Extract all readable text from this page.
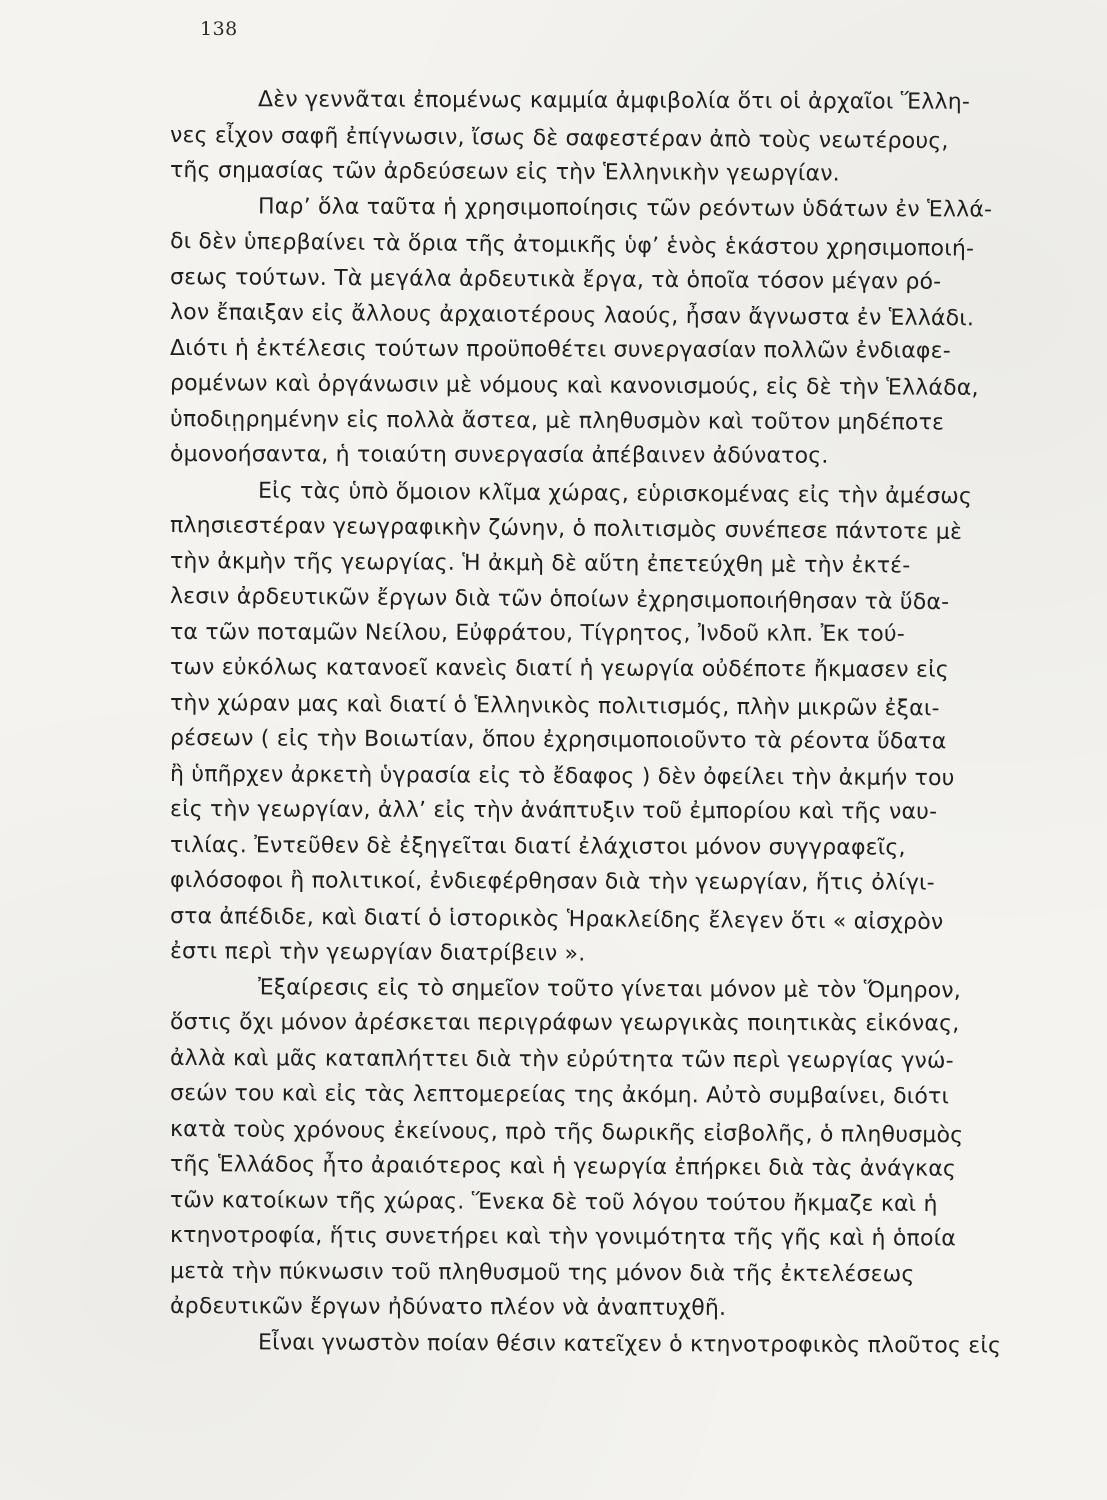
138
Δὲν γεννᾶται ἐπομένως καμμία ἀμφιβολία ὅτι οἱ ἀρχαῖοι Ἕλλη-
νες εἶχον σαφῆ ἐπίγνωσιν, ἴσως δὲ σαφεστέραν ἀπὸ τοὺς νεωτέρους,
τῆς σημασίας τῶν ἀρδεύσεων εἰς τὴν Ἑλληνικὴν γεωργίαν.
Παρ’ ὅλα ταῦτα ἡ χρησιμοποίησις τῶν ρεόντων ὑδάτων ἐν Ἑλλά-
δι δὲν ὑπερβαίνει τὰ ὅρια τῆς ἀτομικῆς ὑφ’ ἑνὸς ἑκάστου χρησιμοποιή-
σεως τούτων. Τὰ μεγάλα ἀρδευτικὰ ἔργα, τὰ ὁποῖα τόσον μέγαν ρό-
λον ἔπαιξαν εἰς ἄλλους ἀρχαιοτέρους λαούς, ἦσαν ἄγνωστα ἐν Ἑλλάδι.
Διότι ἡ ἐκτέλεσις τούτων προϋποθέτει συνεργασίαν πολλῶν ἐνδιαφε-
ρομένων καὶ ὀργάνωσιν μὲ νόμους καὶ κανονισμούς, εἰς δὲ τὴν Ἑλλάδα,
ὑποδιῃρημένην εἰς πολλὰ ἄστεα, μὲ πληθυσμὸν καὶ τοῦτον μηδέποτε
ὁμονοήσαντα, ἡ τοιαύτη συνεργασία ἀπέβαινεν ἀδύνατος.
Εἰς τὰς ὑπὸ ὅμοιον κλῖμα χώρας, εὑρισκομένας εἰς τὴν ἀμέσως
πλησιεστέραν γεωγραφικὴν ζώνην, ὁ πολιτισμὸς συνέπεσε πάντοτε μὲ
τὴν ἀκμὴν τῆς γεωργίας. Ἡ ἀκμὴ δὲ αὕτη ἐπετεύχθη μὲ τὴν ἐκτέ-
λεσιν ἀρδευτικῶν ἔργων διὰ τῶν ὁποίων ἐχρησιμοποιήθησαν τὰ ὕδα-
τα τῶν ποταμῶν Νείλου, Εὐφράτου, Τίγρητος, Ἰνδοῦ κλπ. Ἐκ τού-
των εὐκόλως κατανοεῖ κανεὶς διατί ἡ γεωργία οὐδέποτε ἤκμασεν εἰς
τὴν χώραν μας καὶ διατί ὁ Ἑλληνικὸς πολιτισμός, πλὴν μικρῶν ἐξαι-
ρέσεων ( εἰς τὴν Βοιωτίαν, ὅπου ἐχρησιμοποιοῦντο τὰ ρέοντα ὕδατα
ἢ ὑπῆρχεν ἀρκετὴ ὑγρασία εἰς τὸ ἔδαφος ) δὲν ὀφείλει τὴν ἀκμήν του
εἰς τὴν γεωργίαν, ἀλλ’ εἰς τὴν ἀνάπτυξιν τοῦ ἐμπορίου καὶ τῆς ναυ-
τιλίας. Ἐντεῦθεν δὲ ἐξηγεῖται διατί ἐλάχιστοι μόνον συγγραφεῖς,
φιλόσοφοι ἢ πολιτικοί, ἐνδιεφέρθησαν διὰ τὴν γεωργίαν, ἥτις ὀλίγι-
στα ἀπέδιδε, καὶ διατί ὁ ἱστορικὸς Ἡρακλείδης ἔλεγεν ὅτι « αἰσχρὸν
ἐστι περὶ τὴν γεωργίαν διατρίβειν ».
Ἐξαίρεσις εἰς τὸ σημεῖον τοῦτο γίνεται μόνον μὲ τὸν Ὅμηρον,
ὅστις ὄχι μόνον ἀρέσκεται περιγράφων γεωργικὰς ποιητικὰς εἰκόνας,
ἀλλὰ καὶ μᾶς καταπλήττει διὰ τὴν εὐρύτητα τῶν περὶ γεωργίας γνώ-
σεών του καὶ εἰς τὰς λεπτομερείας της ἀκόμη. Αὐτὸ συμβαίνει, διότι
κατὰ τοὺς χρόνους ἐκείνους, πρὸ τῆς δωρικῆς εἰσβολῆς, ὁ πληθυσμὸς
τῆς Ἑλλάδος ἦτο ἀραιότερος καὶ ἡ γεωργία ἐπήρκει διὰ τὰς ἀνάγκας
τῶν κατοίκων τῆς χώρας. Ἕνεκα δὲ τοῦ λόγου τούτου ἤκμαζε καὶ ἡ
κτηνοτροφία, ἥτις συνετήρει καὶ τὴν γονιμότητα τῆς γῆς καὶ ἡ ὁποία
μετὰ τὴν πύκνωσιν τοῦ πληθυσμοῦ της μόνον διὰ τῆς ἐκτελέσεως
ἀρδευτικῶν ἔργων ἠδύνατο πλέον νὰ ἀναπτυχθῆ.
Εἶναι γνωστὸν ποίαν θέσιν κατεῖχεν ὁ κτηνοτροφικὸς πλοῦτος εἰς
